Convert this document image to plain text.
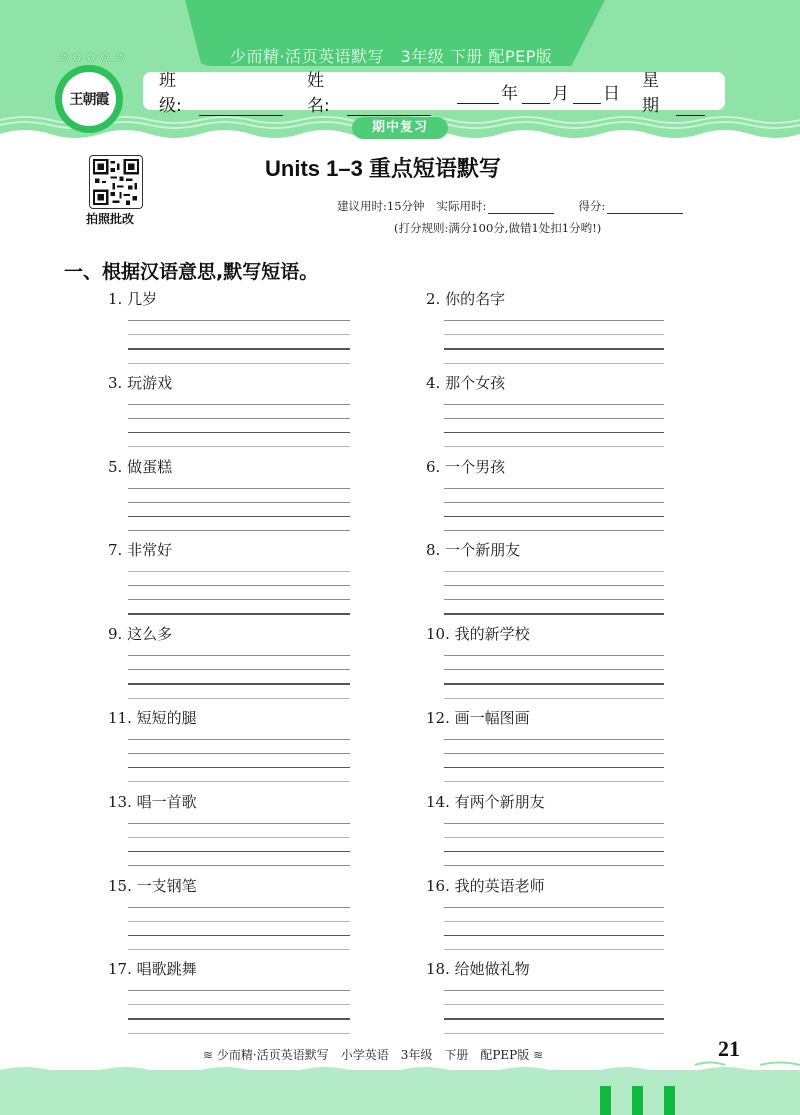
少而精·活页英语默写　3年级 下册 配PEP版
班级:
姓名:
年 月 日
星期
✩ ✩ ✩ ✩ ✩
王朝霞
期中复习
拍照批改
Units 1–3 重点短语默写
建议用时:15分钟 实际用时:	得分:
(打分规则:满分100分,做错1处扣1分哟!)
一、根据汉语意思,默写短语。
1. 几岁	2. 你的名字
3. 玩游戏	4. 那个女孩
5. 做蛋糕	6. 一个男孩
7. 非常好	8. 一个新朋友
9. 这么多	10. 我的新学校
11. 短短的腿	12. 画一幅图画
13. 唱一首歌	14. 有两个新朋友
15. 一支钢笔	16. 我的英语老师
17. 唱歌跳舞	18. 给她做礼物
≋ 少而精·活页英语默写　小学英语　3年级　下册　配PEP版 ≋	21
